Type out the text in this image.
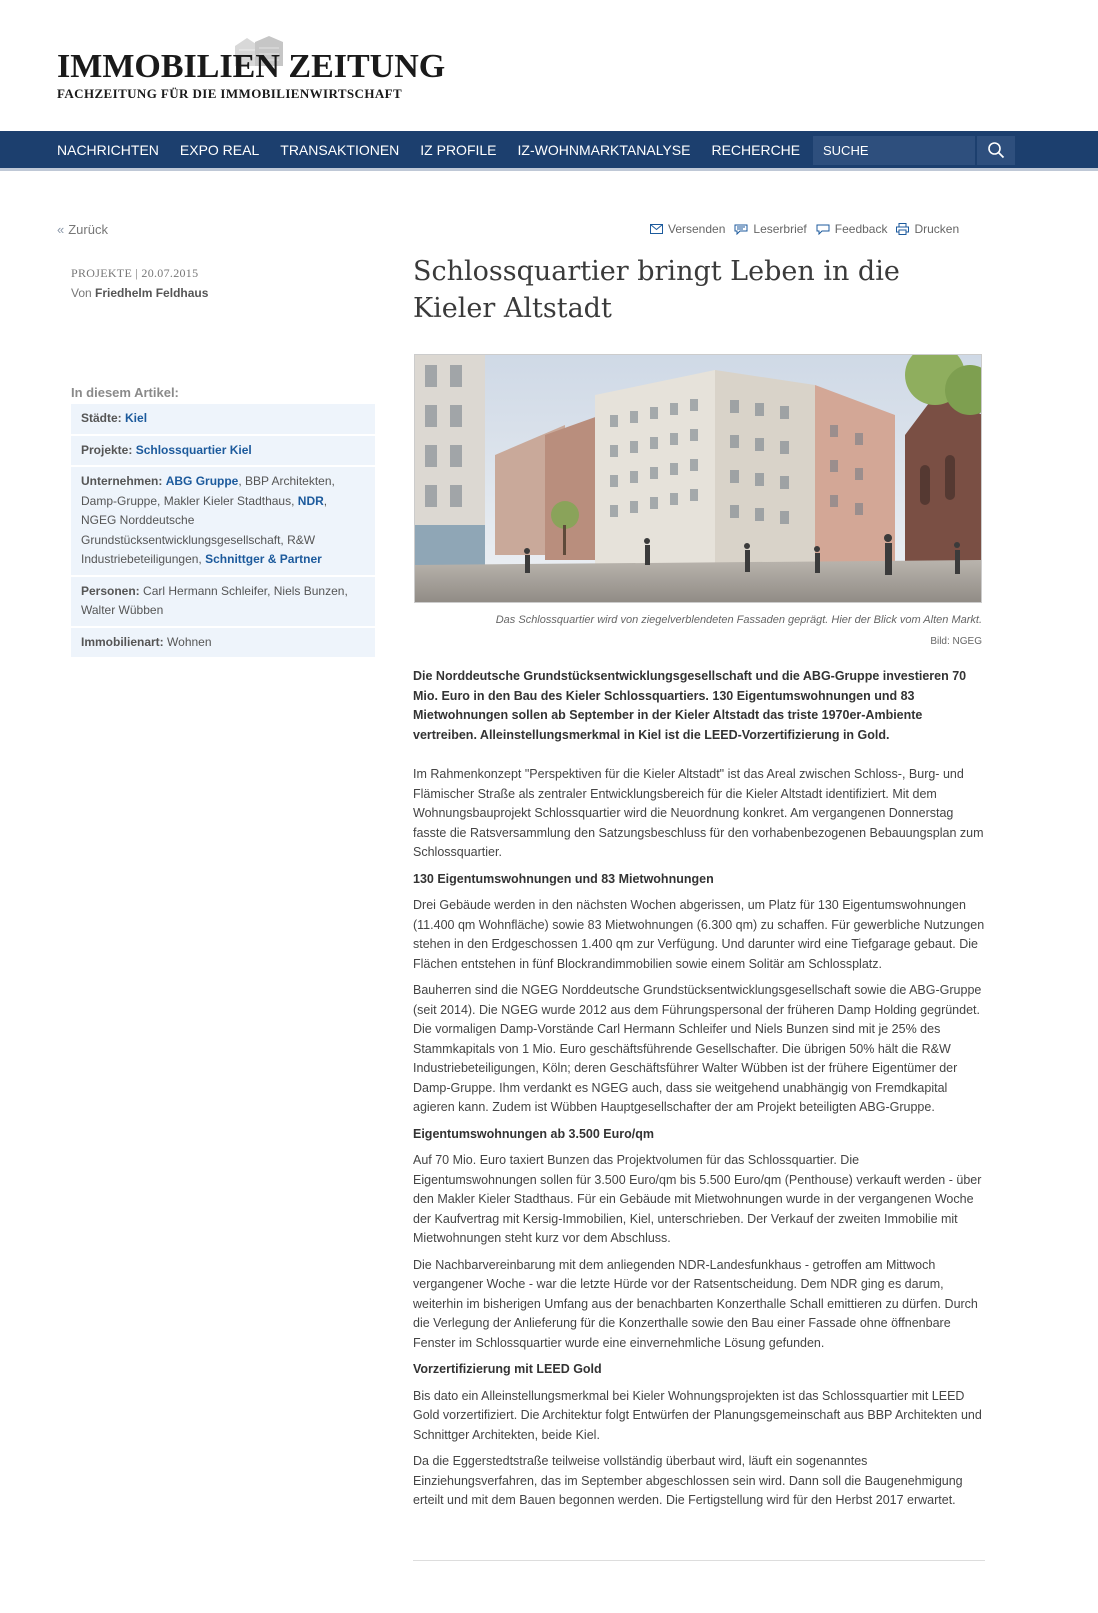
IMMOBILIEN ZEITUNG
FACHZEITUNG FÜR DIE IMMOBILIENWIRTSCHAFT
NACHRICHTEN EXPO REAL TRANSAKTIONEN IZ PROFILE IZ-WOHNMARKTANALYSE RECHERCHE
SUCHE
« Zurück	Versenden Leserbrief Feedback Drucken
PROJEKTE | 20.07.2015
Von Friedhelm Feldhaus
In diesem Artikel:
Städte: Kiel
Projekte: Schlossquartier Kiel
Unternehmen: ABG Gruppe, BBP Architekten, Damp-Gruppe, Makler Kieler Stadthaus, NDR, NGEG Norddeutsche Grundstücksentwicklungsgesellschaft, R&W Industriebeteiligungen, Schnittger & Partner
Personen: Carl Hermann Schleifer, Niels Bunzen, Walter Wübben
Immobilienart: Wohnen
Schlossquartier bringt Leben in die Kieler Altstadt
Das Schlossquartier wird von ziegelverblendeten Fassaden geprägt. Hier der Blick vom Alten Markt.
Bild: NGEG

Die Norddeutsche Grundstücksentwicklungsgesellschaft und die ABG-Gruppe investieren 70 Mio. Euro in den Bau des Kieler Schlossquartiers. 130 Eigentumswohnungen und 83 Mietwohnungen sollen ab September in der Kieler Altstadt das triste 1970er-Ambiente vertreiben. Alleinstellungsmerkmal in Kiel ist die LEED-Vorzertifizierung in Gold.

Im Rahmenkonzept "Perspektiven für die Kieler Altstadt" ist das Areal zwischen Schloss-, Burg- und Flämischer Straße als zentraler Entwicklungsbereich für die Kieler Altstadt identifiziert. Mit dem Wohnungsbauprojekt Schlossquartier wird die Neuordnung konkret. Am vergangenen Donnerstag fasste die Ratsversammlung den Satzungsbeschluss für den vorhabenbezogenen Bebauungsplan zum Schlossquartier.

130 Eigentumswohnungen und 83 Mietwohnungen

Drei Gebäude werden in den nächsten Wochen abgerissen, um Platz für 130 Eigentumswohnungen (11.400 qm Wohnfläche) sowie 83 Mietwohnungen (6.300 qm) zu schaffen. Für gewerbliche Nutzungen stehen in den Erdgeschossen 1.400 qm zur Verfügung. Und darunter wird eine Tiefgarage gebaut. Die Flächen entstehen in fünf Blockrandimmobilien sowie einem Solitär am Schlossplatz.

Bauherren sind die NGEG Norddeutsche Grundstücksentwicklungsgesellschaft sowie die ABG-Gruppe (seit 2014). Die NGEG wurde 2012 aus dem Führungspersonal der früheren Damp Holding gegründet. Die vormaligen Damp-Vorstände Carl Hermann Schleifer und Niels Bunzen sind mit je 25% des Stammkapitals von 1 Mio. Euro geschäftsführende Gesellschafter. Die übrigen 50% hält die R&W Industriebeteiligungen, Köln; deren Geschäftsführer Walter Wübben ist der frühere Eigentümer der Damp-Gruppe. Ihm verdankt es NGEG auch, dass sie weitgehend unabhängig von Fremdkapital agieren kann. Zudem ist Wübben Hauptgesellschafter der am Projekt beteiligten ABG-Gruppe.

Eigentumswohnungen ab 3.500 Euro/qm

Auf 70 Mio. Euro taxiert Bunzen das Projektvolumen für das Schlossquartier. Die Eigentumswohnungen sollen für 3.500 Euro/qm bis 5.500 Euro/qm (Penthouse) verkauft werden - über den Makler Kieler Stadthaus. Für ein Gebäude mit Mietwohnungen wurde in der vergangenen Woche der Kaufvertrag mit Kersig-Immobilien, Kiel, unterschrieben. Der Verkauf der zweiten Immobilie mit Mietwohnungen steht kurz vor dem Abschluss.

Die Nachbarvereinbarung mit dem anliegenden NDR-Landesfunkhaus - getroffen am Mittwoch vergangener Woche - war die letzte Hürde vor der Ratsentscheidung. Dem NDR ging es darum, weiterhin im bisherigen Umfang aus der benachbarten Konzerthalle Schall emittieren zu dürfen. Durch die Verlegung der Anlieferung für die Konzerthalle sowie den Bau einer Fassade ohne öffnenbare Fenster im Schlossquartier wurde eine einvernehmliche Lösung gefunden.

Vorzertifizierung mit LEED Gold

Bis dato ein Alleinstellungsmerkmal bei Kieler Wohnungsprojekten ist das Schlossquartier mit LEED Gold vorzertifiziert. Die Architektur folgt Entwürfen der Planungsgemeinschaft aus BBP Architekten und Schnittger Architekten, beide Kiel.

Da die Eggerstedtstraße teilweise vollständig überbaut wird, läuft ein sogenanntes Einziehungsverfahren, das im September abgeschlossen sein wird. Dann soll die Baugenehmigung erteilt und mit dem Bauen begonnen werden. Die Fertigstellung wird für den Herbst 2017 erwartet.
